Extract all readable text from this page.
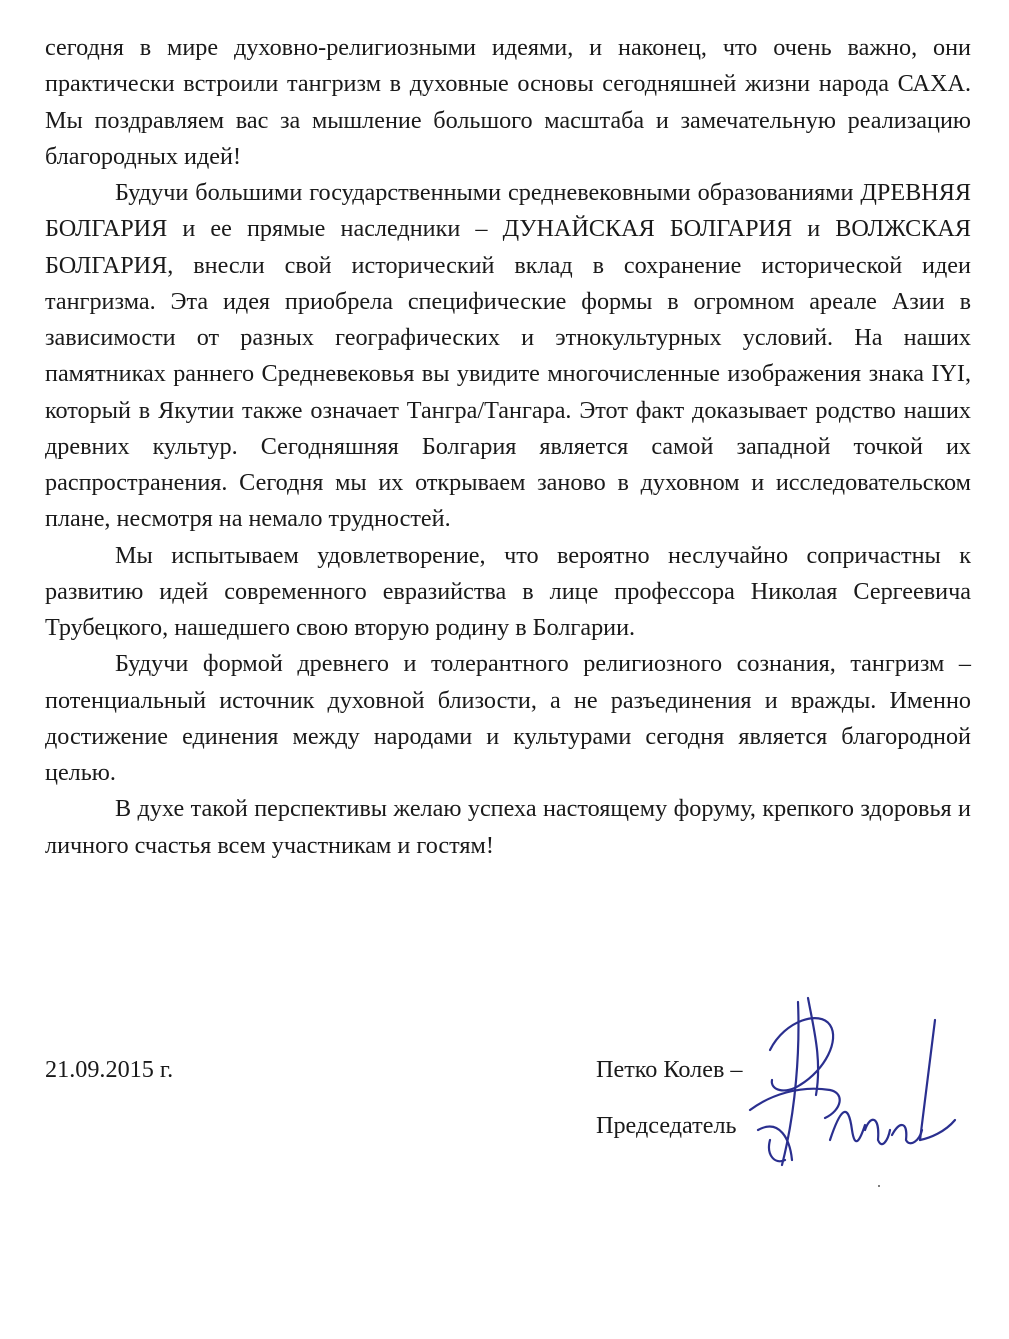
сегодня в мире духовно-религиозными идеями, и наконец, что очень важно, они практически встроили тангризм в духовные основы сегодняшней жизни народа САХА. Мы поздравляем вас за мышление большого масштаба и замечательную реализацию благородных идей!

Будучи большими государственными средневековными образованиями ДРЕВНЯЯ БОЛГАРИЯ и ее прямые наследники – ДУНАЙСКАЯ БОЛГАРИЯ и ВОЛЖСКАЯ БОЛГАРИЯ, внесли свой исторический вклад в сохранение исторической идеи тангризма. Эта идея приобрела специфические формы в огромном ареале Азии в зависимости от разных географических и этнокультурных условий. На наших памятниках раннего Средневековья вы увидите многочисленные изображения знака IYI, который в Якутии также означает Тангра/Тангара. Этот факт доказывает родство наших древних культур. Сегодняшняя Болгария является самой западной точкой их распространения. Сегодня мы их открываем заново в духовном и исследовательском плане, несмотря на немало трудностей.

Мы испытываем удовлетворение, что вероятно неслучайно сопричастны к развитию идей современного евразийства в лице профессора Николая Сергеевича Трубецкого, нашедшего свою вторую родину в Болгарии.

Будучи формой древнего и толерантного религиозного сознания, тангризм – потенциальный источник духовной близости, а не разъединения и вражды. Именно достижение единения между народами и культурами сегодня является благородной целью.

В духе такой перспективы желаю успеха настоящему форуму, крепкого здоровья и личного счастья всем участникам и гостям!

21.09.2015 г.	Петко Колев –
Председатель
